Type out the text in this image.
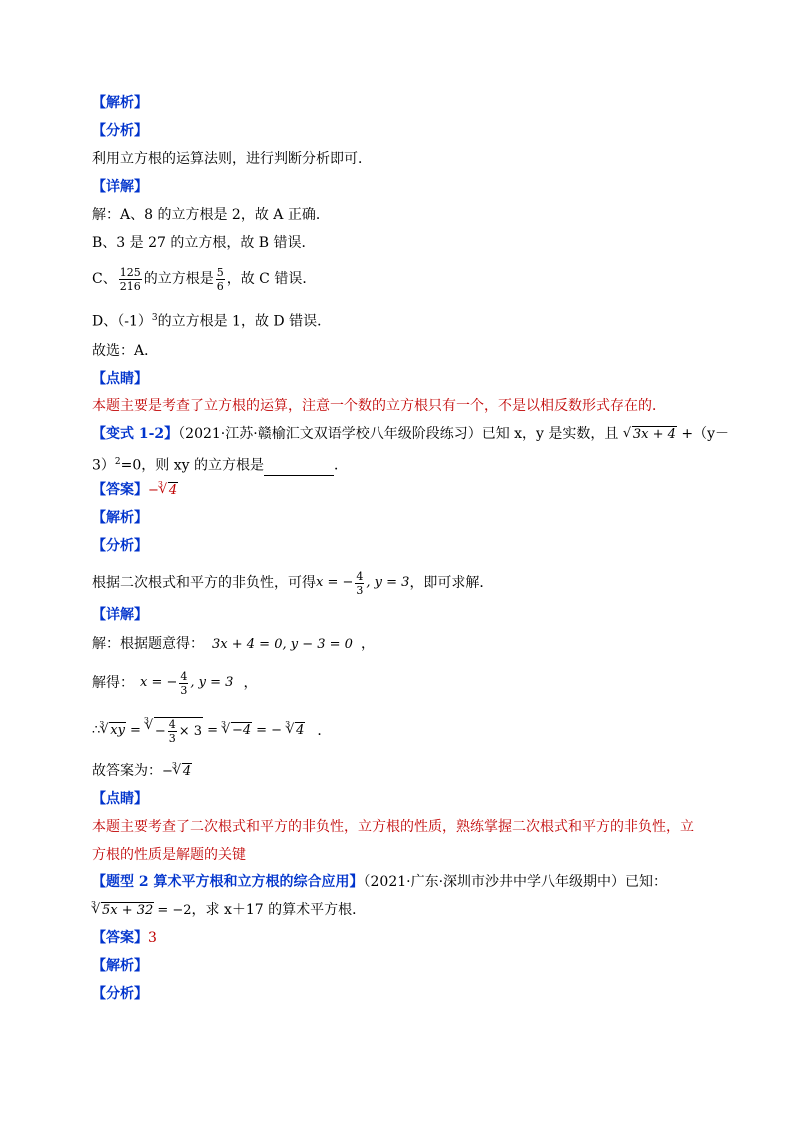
【解析】
【分析】
利用立方根的运算法则，进行判断分析即可．
【详解】
解：A、8 的立方根是 2，故 A 正确．
B、3 是 27 的立方根，故 B 错误．
C、 $\frac{125}{216}$ 的立方根是 $\frac{5}{6}$ ，故 C 错误．
D、$(-1)^3$的立方根是 1，故 D 错误．
故选：A．
【点睛】
本题主要是考查了立方根的运算，注意一个数的立方根只有一个，不是以相反数形式存在的．
【变式 1-2】（2021·江苏·赣榆汇文双语学校八年级阶段练习）已知 x，y 是实数，且 √ 3x + 4 +（y－
3）$^2$=0，则 xy 的立方根是	．
【答案】− √ 3 4
【解析】
【分析】
根据二次根式和平方的非负性，可得 x = − $\frac{4}{3}$ , y = 3 ，即可求解．
【详解】
解：根据题意得： 3x + 4 = 0, y − 3 = 0 ，
解得： x = − $\frac{4}{3}$ , y = 3 ，
∴ √ 3 xy =
√ 3
− $\frac{4}{3} \times 3$ = √ 3 −4 = − √ 3 4 ．
故答案为：− √ 3 4
【点睛】
本题主要考查了二次根式和平方的非负性，立方根的性质，熟练掌握二次根式和平方的非负性，立
方根的性质是解题的关键
【题型 2 算术平方根和立方根的综合应用】（2021·广东·深圳市沙井中学八年级期中）已知：
√ 3 5x + 32 = −2，求 x＋17 的算术平方根．
【答案】3
【解析】
【分析】
